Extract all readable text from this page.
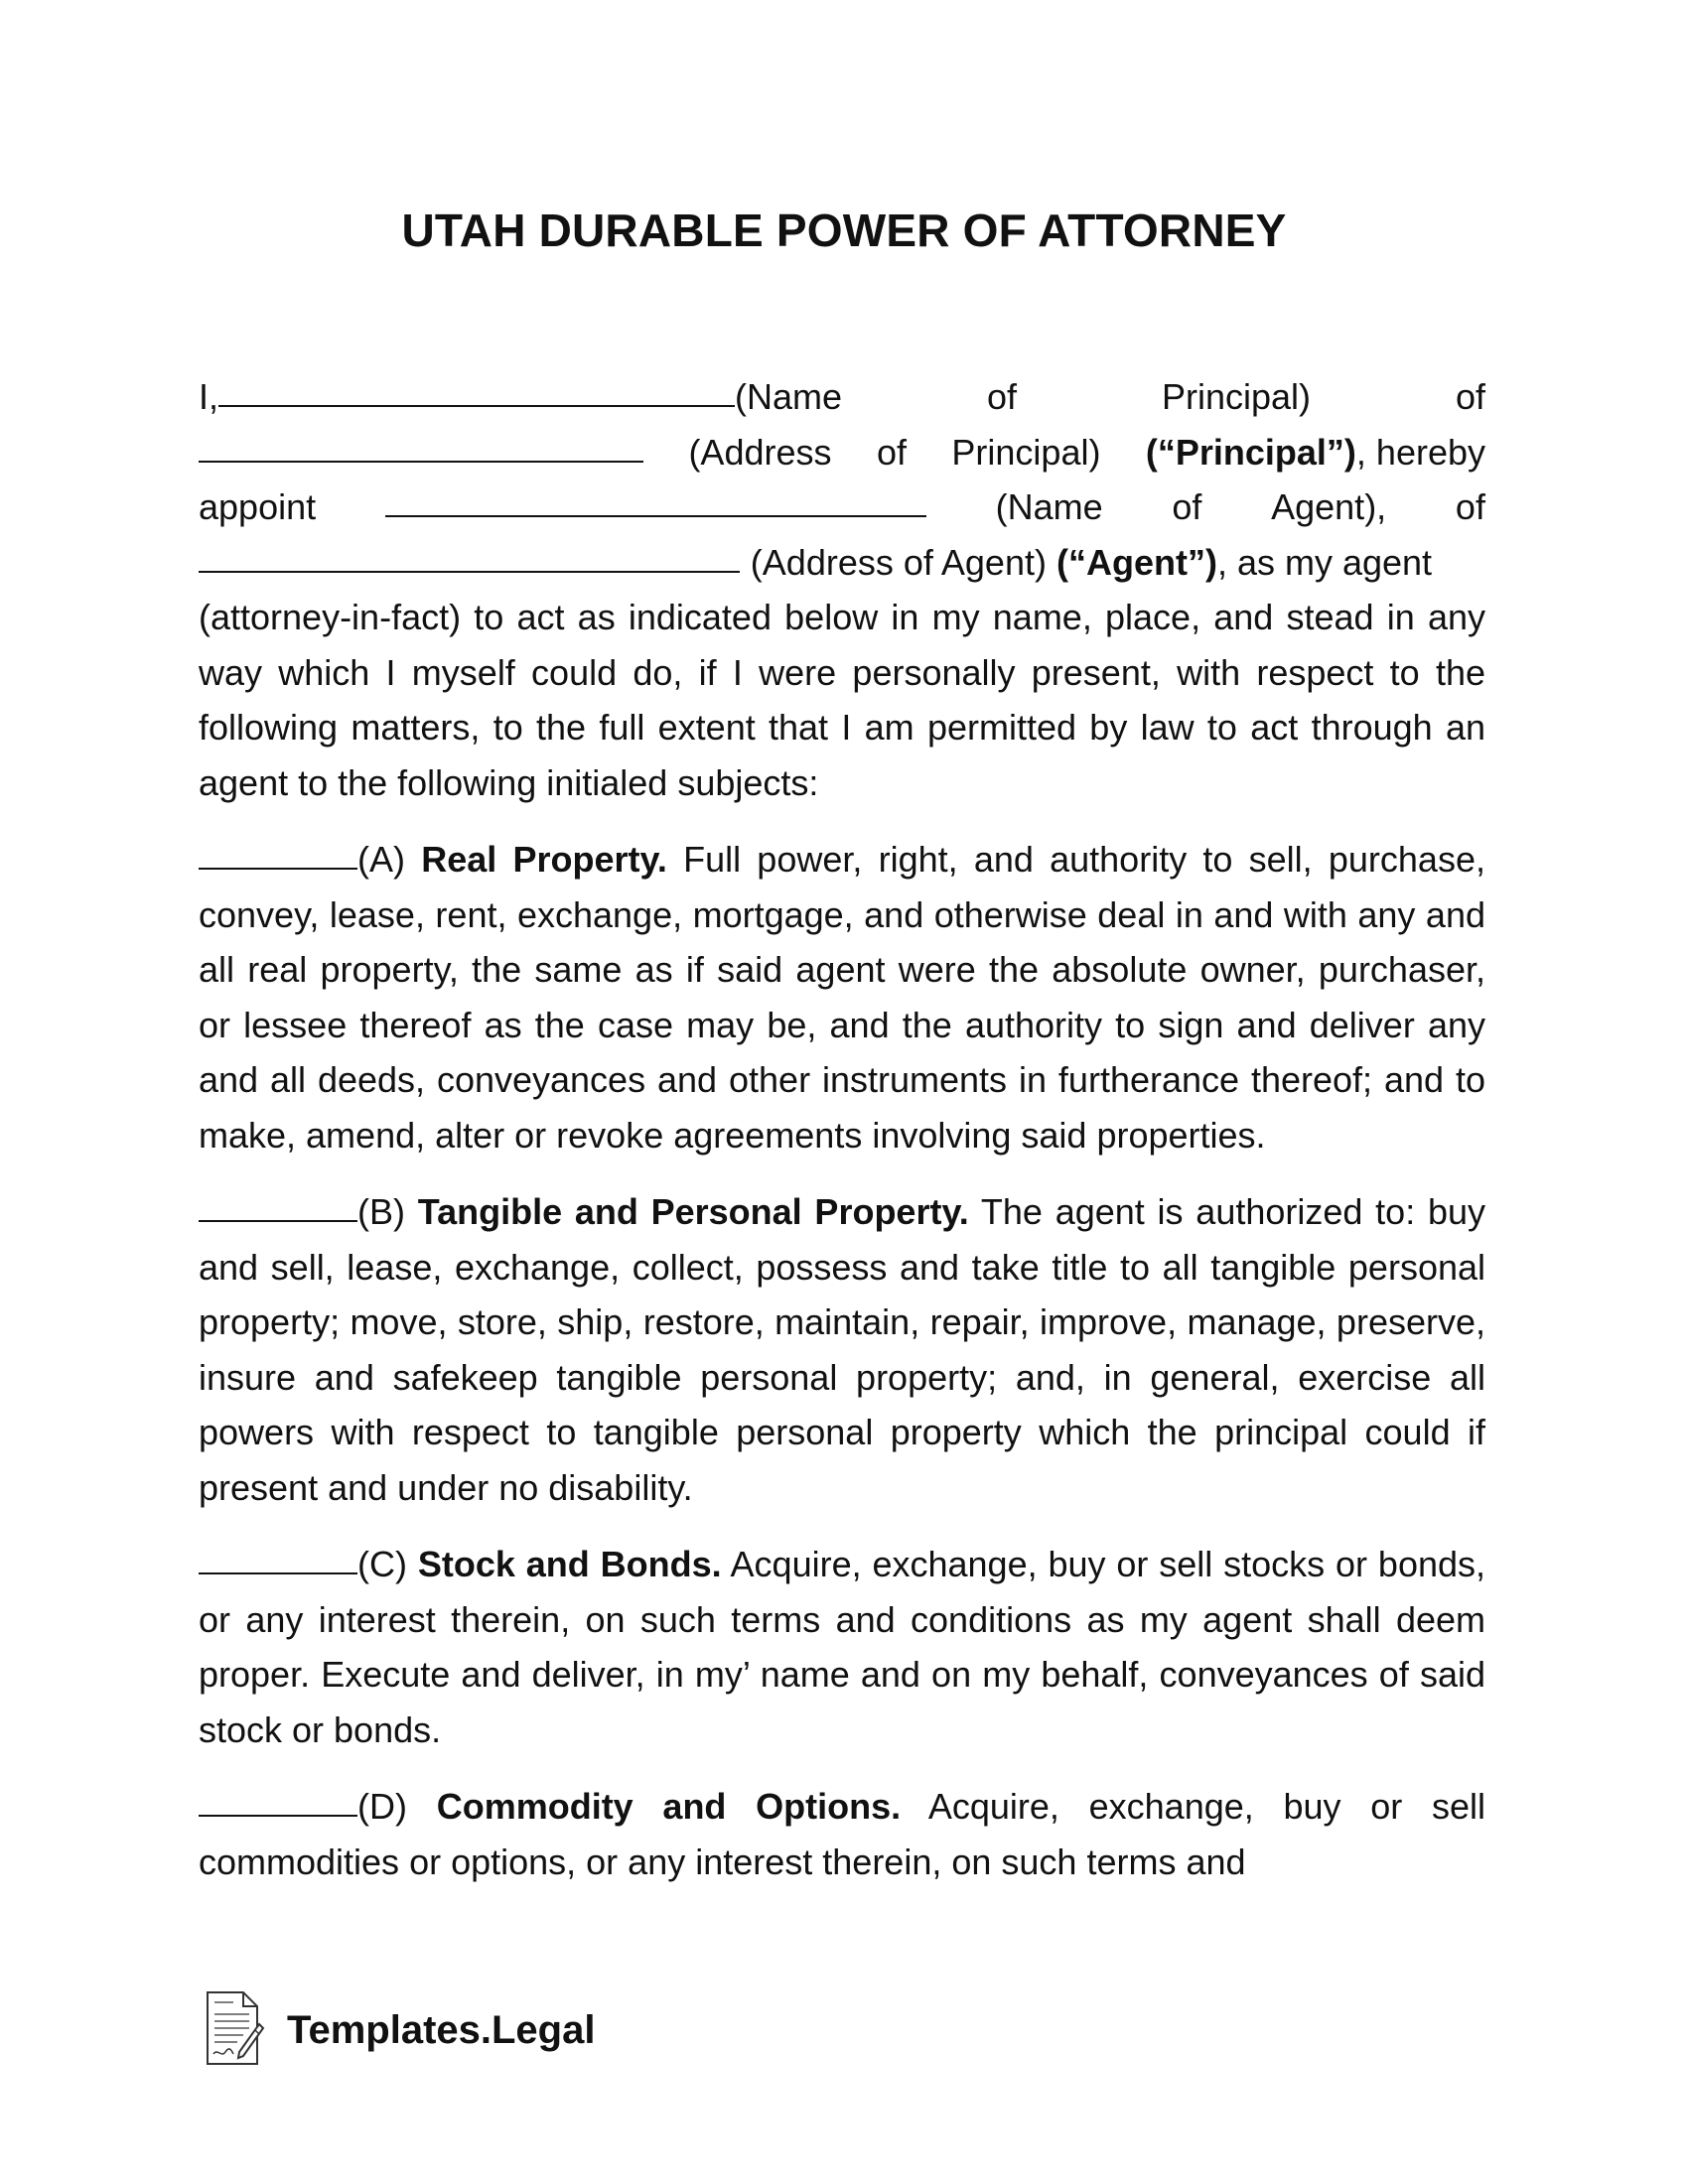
UTAH DURABLE POWER OF ATTORNEY
I,	(Name	of	Principal)	of
(Address of Principal) (“Principal”), hereby
appoint	(Name of Agent), of
(Address of Agent) (“Agent”), as my agent
(attorney-in-fact) to act as indicated below in my name, place, and stead in any way which I myself could do, if I were personally present, with respect to the following matters, to the full extent that I am permitted by law to act through an agent to the following initialed subjects:
(A) Real Property. Full power, right, and authority to sell, purchase, convey, lease, rent, exchange, mortgage, and otherwise deal in and with any and all real property, the same as if said agent were the absolute owner, purchaser, or lessee thereof as the case may be, and the authority to sign and deliver any and all deeds, conveyances and other instruments in furtherance thereof; and to make, amend, alter or revoke agreements involving said properties.
(B) Tangible and Personal Property. The agent is authorized to: buy and sell, lease, exchange, collect, possess and take title to all tangible personal property; move, store, ship, restore, maintain, repair, improve, manage, preserve, insure and safekeep tangible personal property; and, in general, exercise all powers with respect to tangible personal property which the principal could if present and under no disability.
(C) Stock and Bonds. Acquire, exchange, buy or sell stocks or bonds, or any interest therein, on such terms and conditions as my agent shall deem proper. Execute and deliver, in my’ name and on my behalf, conveyances of said stock or bonds.
(D) Commodity and Options. Acquire, exchange, buy or sell commodities or options, or any interest therein, on such terms and
Templates.Legal
